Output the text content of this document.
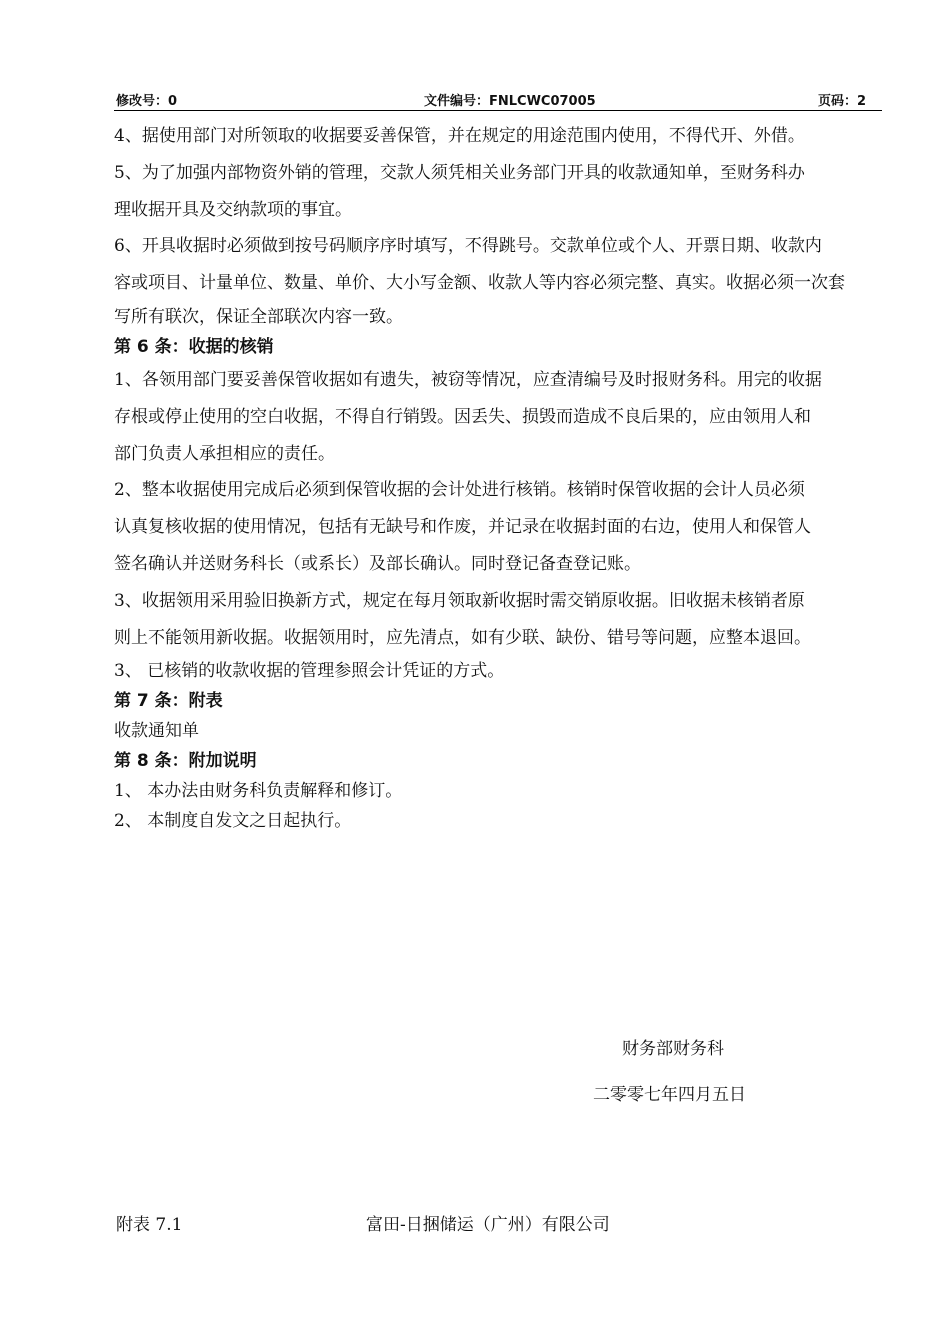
修改号：0	文件编号：FNLCWC07005	页码：2
4、据使用部门对所领取的收据要妥善保管，并在规定的用途范围内使用，不得代开、外借。
5、为了加强内部物资外销的管理，交款人须凭相关业务部门开具的收款通知单，至财务科办
理收据开具及交纳款项的事宜。
6、开具收据时必须做到按号码顺序序时填写，不得跳号。交款单位或个人、开票日期、收款内
容或项目、计量单位、数量、单价、大小写金额、收款人等内容必须完整、真实。收据必须一次套
写所有联次，保证全部联次内容一致。
第 6 条：收据的核销
1、各领用部门要妥善保管收据如有遗失，被窃等情况，应查清编号及时报财务科。用完的收据
存根或停止使用的空白收据，不得自行销毁。因丢失、损毁而造成不良后果的，应由领用人和
部门负责人承担相应的责任。
2、整本收据使用完成后必须到保管收据的会计处进行核销。核销时保管收据的会计人员必须
认真复核收据的使用情况，包括有无缺号和作废，并记录在收据封面的右边，使用人和保管人
签名确认并送财务科长（或系长）及部长确认。同时登记备查登记账。
3、收据领用采用验旧换新方式，规定在每月领取新收据时需交销原收据。旧收据未核销者原
则上不能领用新收据。收据领用时，应先清点，如有少联、缺份、错号等问题，应整本退回。
3、 已核销的收款收据的管理参照会计凭证的方式。
第 7 条：附表
收款通知单
第 8 条：附加说明
1、 本办法由财务科负责解释和修订。
2、 本制度自发文之日起执行。
财务部财务科
二零零七年四月五日
附表 7.1	富田-日捆储运（广州）有限公司
